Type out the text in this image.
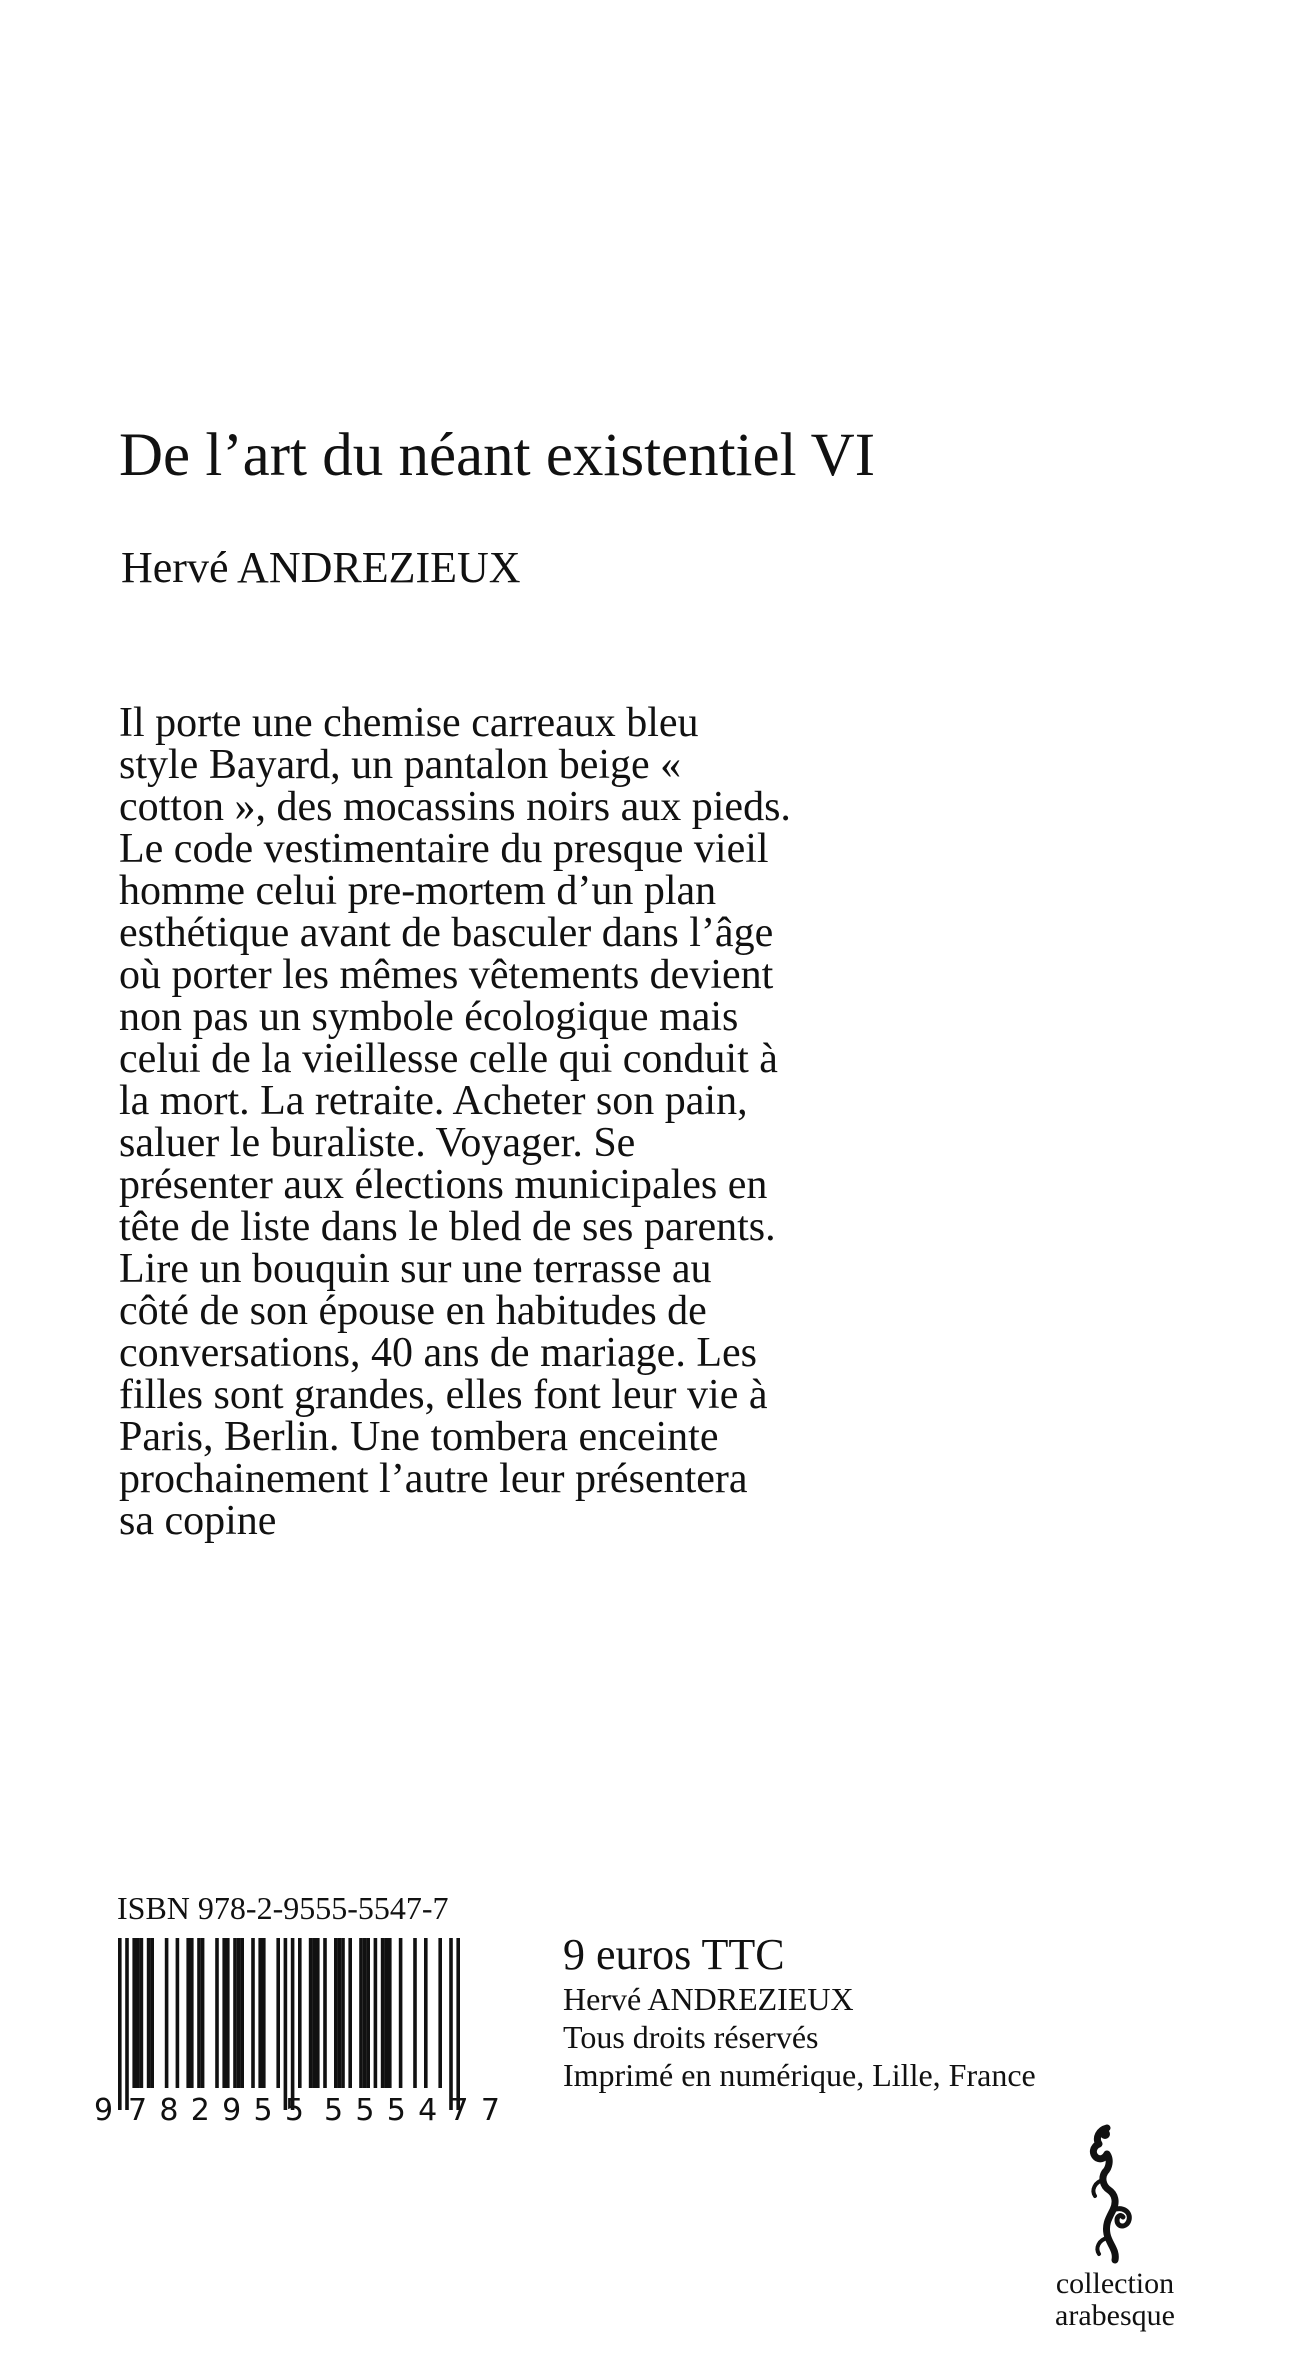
De l’art du néant existentiel VI
Hervé ANDREZIEUX
Il porte une chemise carreaux bleu
style Bayard, un pantalon beige «
cotton », des mocassins noirs aux pieds.
Le code vestimentaire du presque vieil
homme celui pre-mortem d’un plan
esthétique avant de basculer dans l’âge
où porter les mêmes vêtements devient
non pas un symbole écologique mais
celui de la vieillesse celle qui conduit à
la mort. La retraite. Acheter son pain,
saluer le buraliste. Voyager. Se
présenter aux élections municipales en
tête de liste dans le bled de ses parents.
Lire un bouquin sur une terrasse au
côté de son épouse en habitudes de
conversations, 40 ans de mariage. Les
filles sont grandes, elles font leur vie à
Paris, Berlin. Une tombera enceinte
prochainement l’autre leur présentera
sa copine
ISBN 978-2-9555-5547-7
9 782955 555477
9 euros TTC
Hervé ANDREZIEUX
Tous droits réservés
Imprimé en numérique, Lille, France
collection
arabesque
